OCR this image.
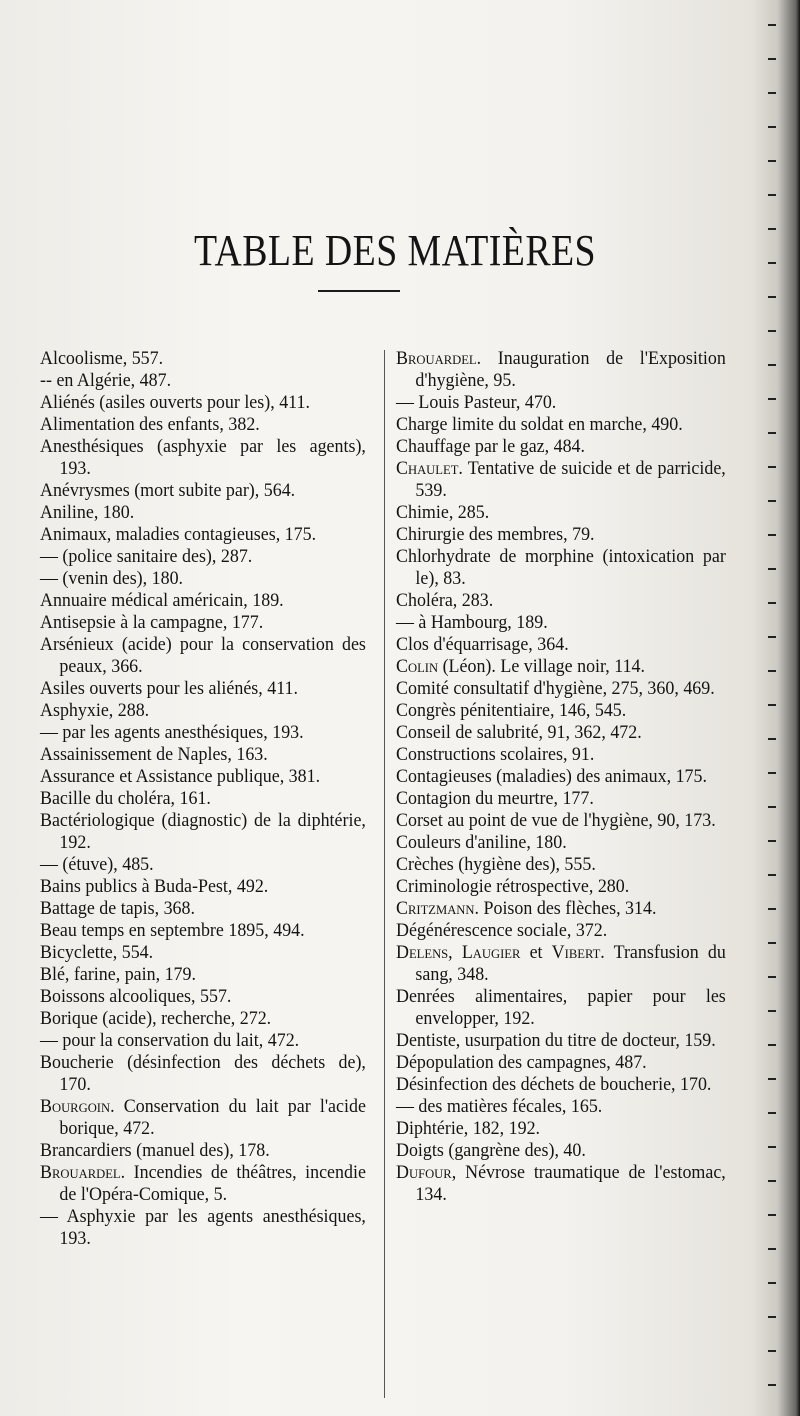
TABLE DES MATIÈRES
Alcoolisme, 557.
-- en Algérie, 487.
Aliénés (asiles ouverts pour les), 411.
Alimentation des enfants, 382.
Anesthésiques (asphyxie par les agents), 193.
Anévrysmes (mort subite par), 564.
Aniline, 180.
Animaux, maladies contagieuses, 175.
— (police sanitaire des), 287.
— (venin des), 180.
Annuaire médical américain, 189.
Antisepsie à la campagne, 177.
Arsénieux (acide) pour la conservation des peaux, 366.
Asiles ouverts pour les aliénés, 411.
Asphyxie, 288.
— par les agents anesthésiques, 193.
Assainissement de Naples, 163.
Assurance et Assistance publique, 381.
Bacille du choléra, 161.
Bactériologique (diagnostic) de la diphtérie, 192.
— (étuve), 485.
Bains publics à Buda-Pest, 492.
Battage de tapis, 368.
Beau temps en septembre 1895, 494.
Bicyclette, 554.
Blé, farine, pain, 179.
Boissons alcooliques, 557.
Borique (acide), recherche, 272.
— pour la conservation du lait, 472.
Boucherie (désinfection des déchets de), 170.
Bourgoin. Conservation du lait par l'acide borique, 472.
Brancardiers (manuel des), 178.
Brouardel. Incendies de théâtres, incendie de l'Opéra-Comique, 5.
— Asphyxie par les agents anesthésiques, 193.
Brouardel. Inauguration de l'Exposition d'hygiène, 95.
— Louis Pasteur, 470.
Charge limite du soldat en marche, 490.
Chauffage par le gaz, 484.
Chaulet. Tentative de suicide et de parricide, 539.
Chimie, 285.
Chirurgie des membres, 79.
Chlorhydrate de morphine (intoxication par le), 83.
Choléra, 283.
— à Hambourg, 189.
Clos d'équarrisage, 364.
Colin (Léon). Le village noir, 114.
Comité consultatif d'hygiène, 275, 360, 469.
Congrès pénitentiaire, 146, 545.
Conseil de salubrité, 91, 362, 472.
Constructions scolaires, 91.
Contagieuses (maladies) des animaux, 175.
Contagion du meurtre, 177.
Corset au point de vue de l'hygiène, 90, 173.
Couleurs d'aniline, 180.
Crèches (hygiène des), 555.
Criminologie rétrospective, 280.
Critzmann. Poison des flèches, 314.
Dégénérescence sociale, 372.
Delens, Laugier et Vibert. Transfusion du sang, 348.
Denrées alimentaires, papier pour les envelopper, 192.
Dentiste, usurpation du titre de docteur, 159.
Dépopulation des campagnes, 487.
Désinfection des déchets de boucherie, 170.
— des matières fécales, 165.
Diphtérie, 182, 192.
Doigts (gangrène des), 40.
Dufour, Névrose traumatique de l'estomac, 134.
